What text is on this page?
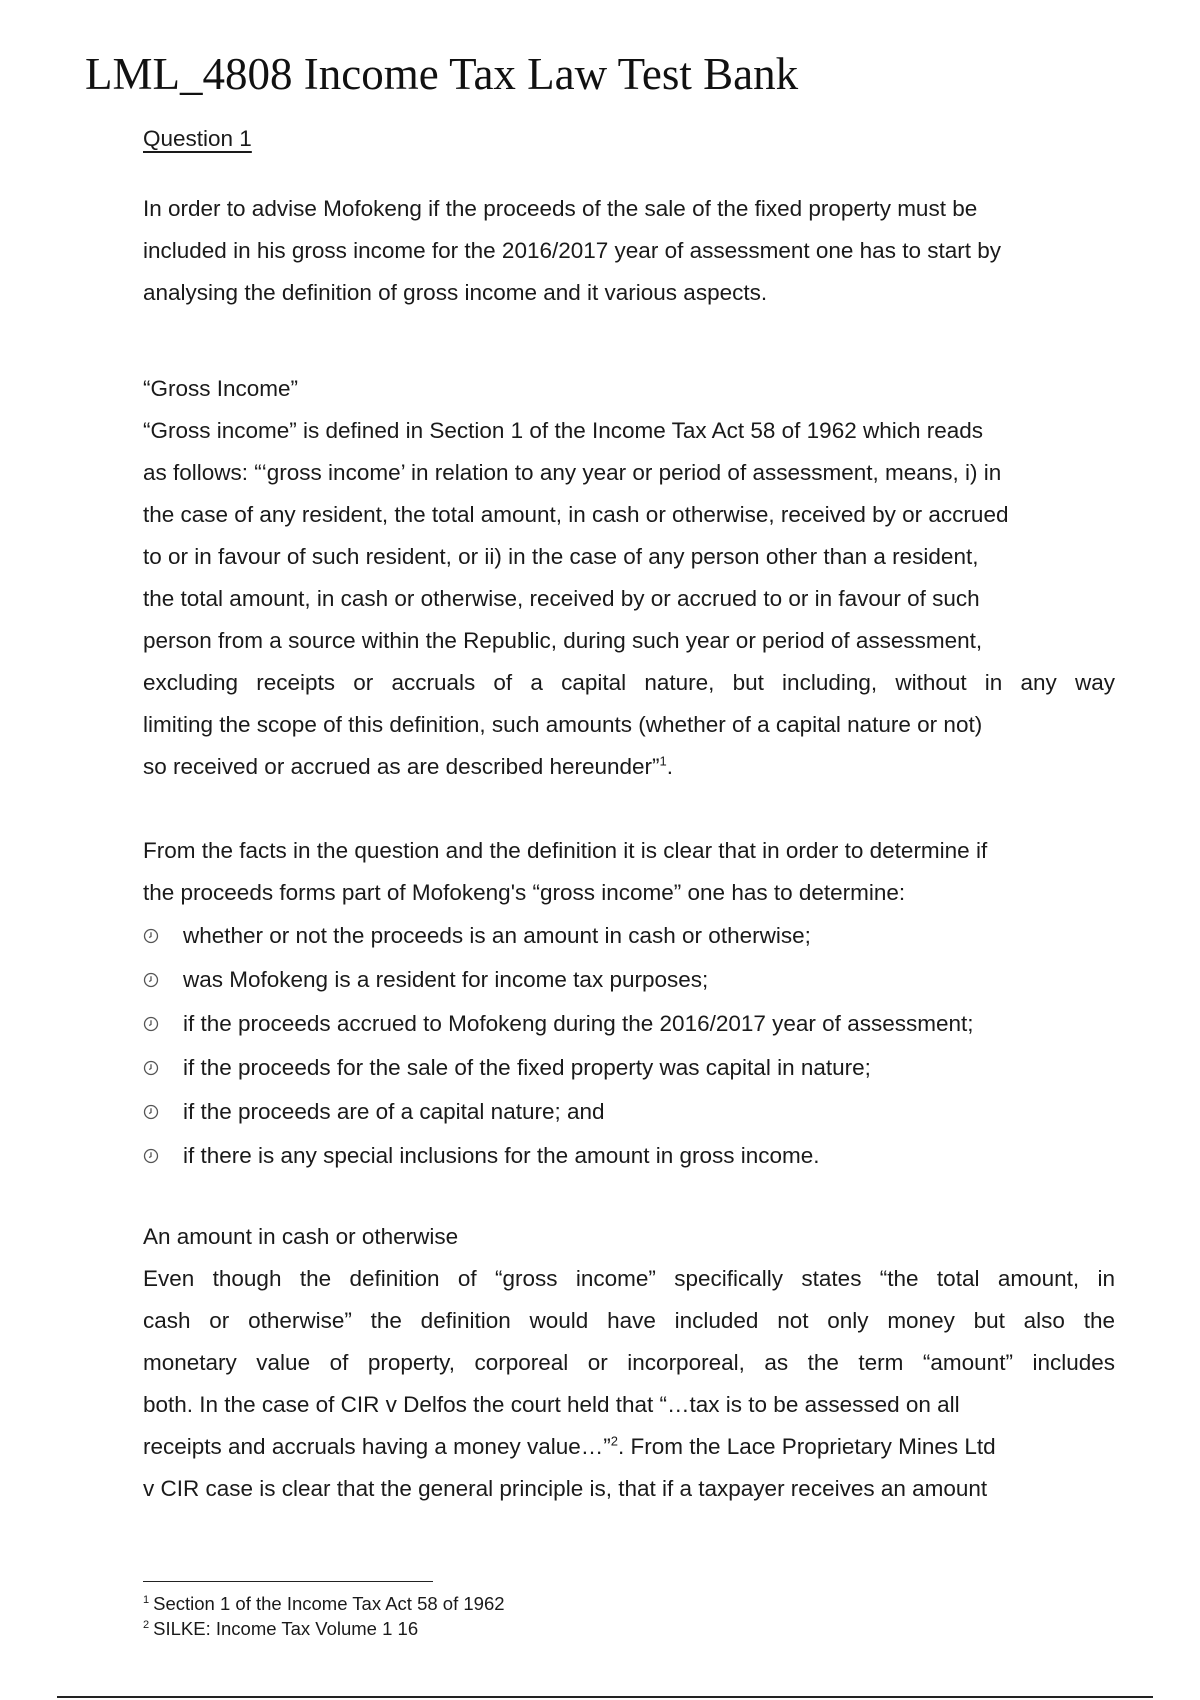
LML_4808 Income Tax Law Test Bank
Question 1
In order to advise Mofokeng if the proceeds of the sale of the fixed property must be
included in his gross income for the 2016/2017 year of assessment one has to start by
analysing the definition of gross income and it various aspects.
“Gross Income”
“Gross income” is defined in Section 1 of the Income Tax Act 58 of 1962 which reads
as follows: “‘gross income’ in relation to any year or period of assessment, means, i) in
the case of any resident, the total amount, in cash or otherwise, received by or accrued
to or in favour of such resident, or ii) in the case of any person other than a resident,
the total amount, in cash or otherwise, received by or accrued to or in favour of such
person from a source within the Republic, during such year or period of assessment,
excluding receipts or accruals of a capital nature, but including, without in any way
limiting the scope of this definition, such amounts (whether of a capital nature or not)
so received or accrued as are described hereunder”$^1$.
From the facts in the question and the definition it is clear that in order to determine if
the proceeds forms part of Mofokeng's “gross income” one has to determine:
whether or not the proceeds is an amount in cash or otherwise;
was Mofokeng is a resident for income tax purposes;
if the proceeds accrued to Mofokeng during the 2016/2017 year of assessment;
if the proceeds for the sale of the fixed property was capital in nature;
if the proceeds are of a capital nature; and
if there is any special inclusions for the amount in gross income.
An amount in cash or otherwise
Even though the definition of “gross income” specifically states “the total amount, in
cash or otherwise” the definition would have included not only money but also the
monetary value of property, corporeal or incorporeal, as the term “amount” includes
both. In the case of CIR v Delfos the court held that “…tax is to be assessed on all
receipts and accruals having a money value…”$^2$. From the Lace Proprietary Mines Ltd
v CIR case is clear that the general principle is, that if a taxpayer receives an amount
$^1$ Section 1 of the Income Tax Act 58 of 1962
$^2$ SILKE: Income Tax Volume 1 16
